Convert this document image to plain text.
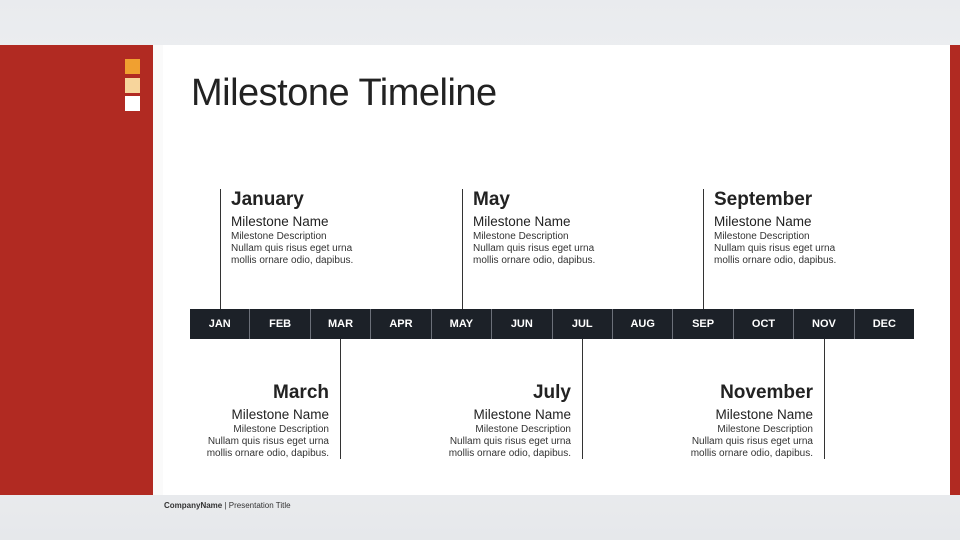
Milestone Timeline
JAN	FEB	MAR	APR	MAY	JUN	JUL	AUG	SEP	OCT	NOV	DEC
January
Milestone Name
Milestone Description
Nullam quis risus eget urna
mollis ornare odio, dapibus.
May
Milestone Name
Milestone Description
Nullam quis risus eget urna
mollis ornare odio, dapibus.
September
Milestone Name
Milestone Description
Nullam quis risus eget urna
mollis ornare odio, dapibus.
March
Milestone Name
Milestone Description
Nullam quis risus eget urna
mollis ornare odio, dapibus.
July
Milestone Name
Milestone Description
Nullam quis risus eget urna
mollis ornare odio, dapibus.
November
Milestone Name
Milestone Description
Nullam quis risus eget urna
mollis ornare odio, dapibus.
CompanyName | Presentation Title
